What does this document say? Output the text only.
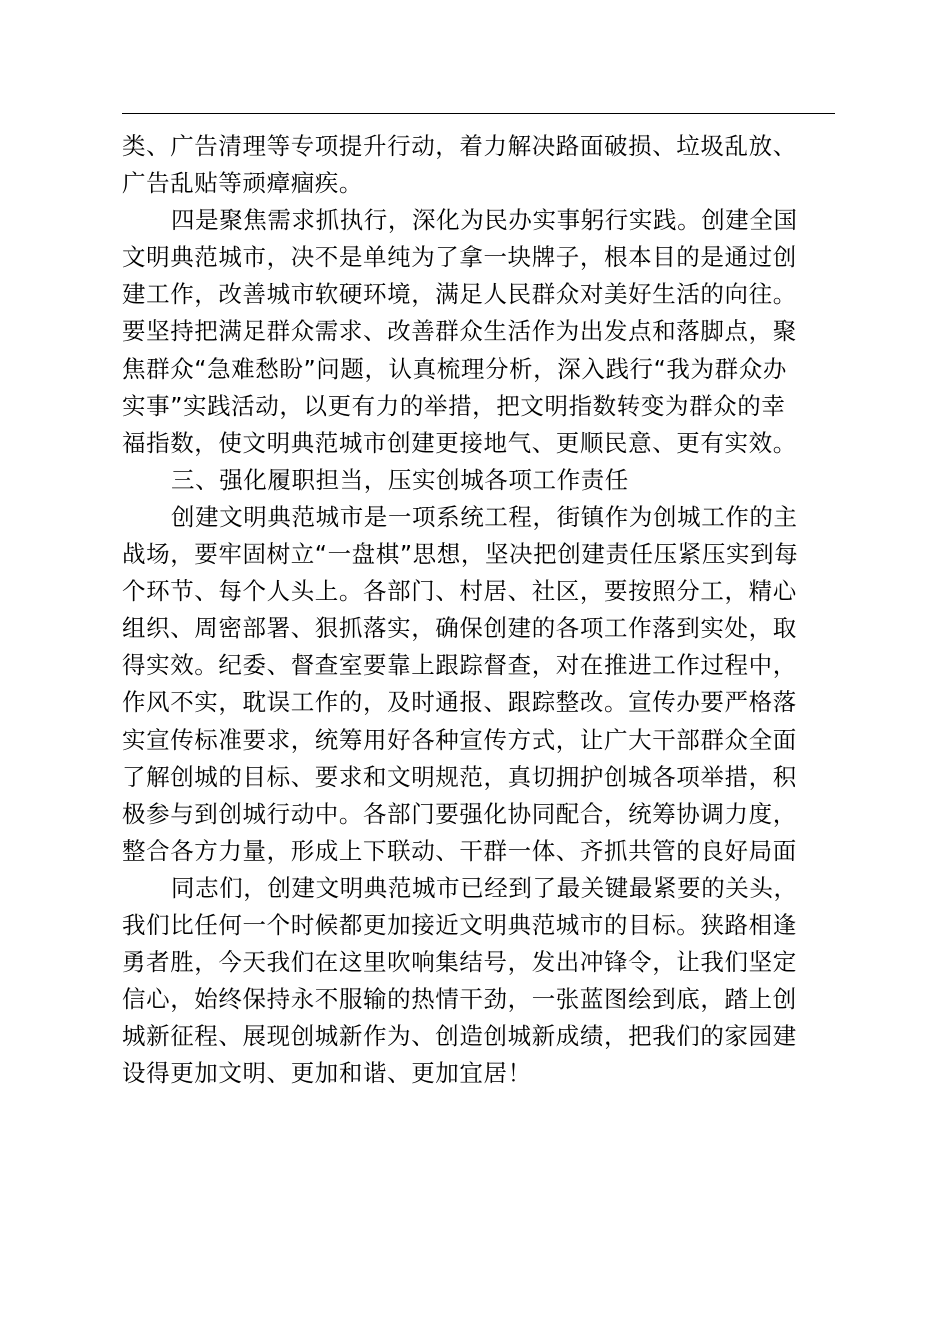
类、广告清理等专项提升行动，着力解决路面破损、垃圾乱放、
广告乱贴等顽瘴痼疾。
四是聚焦需求抓执行，深化为民办实事躬行实践。创建全国
文明典范城市，决不是单纯为了拿一块牌子，根本目的是通过创
建工作，改善城市软硬环境，满足人民群众对美好生活的向往。
要坚持把满足群众需求、改善群众生活作为出发点和落脚点，聚
焦群众“急难愁盼”问题，认真梳理分析，深入践行“我为群众办
实事”实践活动，以更有力的举措，把文明指数转变为群众的幸
福指数，使文明典范城市创建更接地气、更顺民意、更有实效。
三、强化履职担当，压实创城各项工作责任
创建文明典范城市是一项系统工程，街镇作为创城工作的主
战场，要牢固树立“一盘棋”思想，坚决把创建责任压紧压实到每
个环节、每个人头上。各部门、村居、社区，要按照分工，精心
组织、周密部署、狠抓落实，确保创建的各项工作落到实处，取
得实效。纪委、督查室要靠上跟踪督查，对在推进工作过程中，
作风不实，耽误工作的，及时通报、跟踪整改。宣传办要严格落
实宣传标准要求，统筹用好各种宣传方式，让广大干部群众全面
了解创城的目标、要求和文明规范，真切拥护创城各项举措，积
极参与到创城行动中。各部门要强化协同配合，统筹协调力度，
整合各方力量，形成上下联动、干群一体、齐抓共管的良好局面
同志们，创建文明典范城市已经到了最关键最紧要的关头，
我们比任何一个时候都更加接近文明典范城市的目标。狭路相逢
勇者胜，今天我们在这里吹响集结号，发出冲锋令，让我们坚定
信心，始终保持永不服输的热情干劲，一张蓝图绘到底，踏上创
城新征程、展现创城新作为、创造创城新成绩，把我们的家园建
设得更加文明、更加和谐、更加宜居！
